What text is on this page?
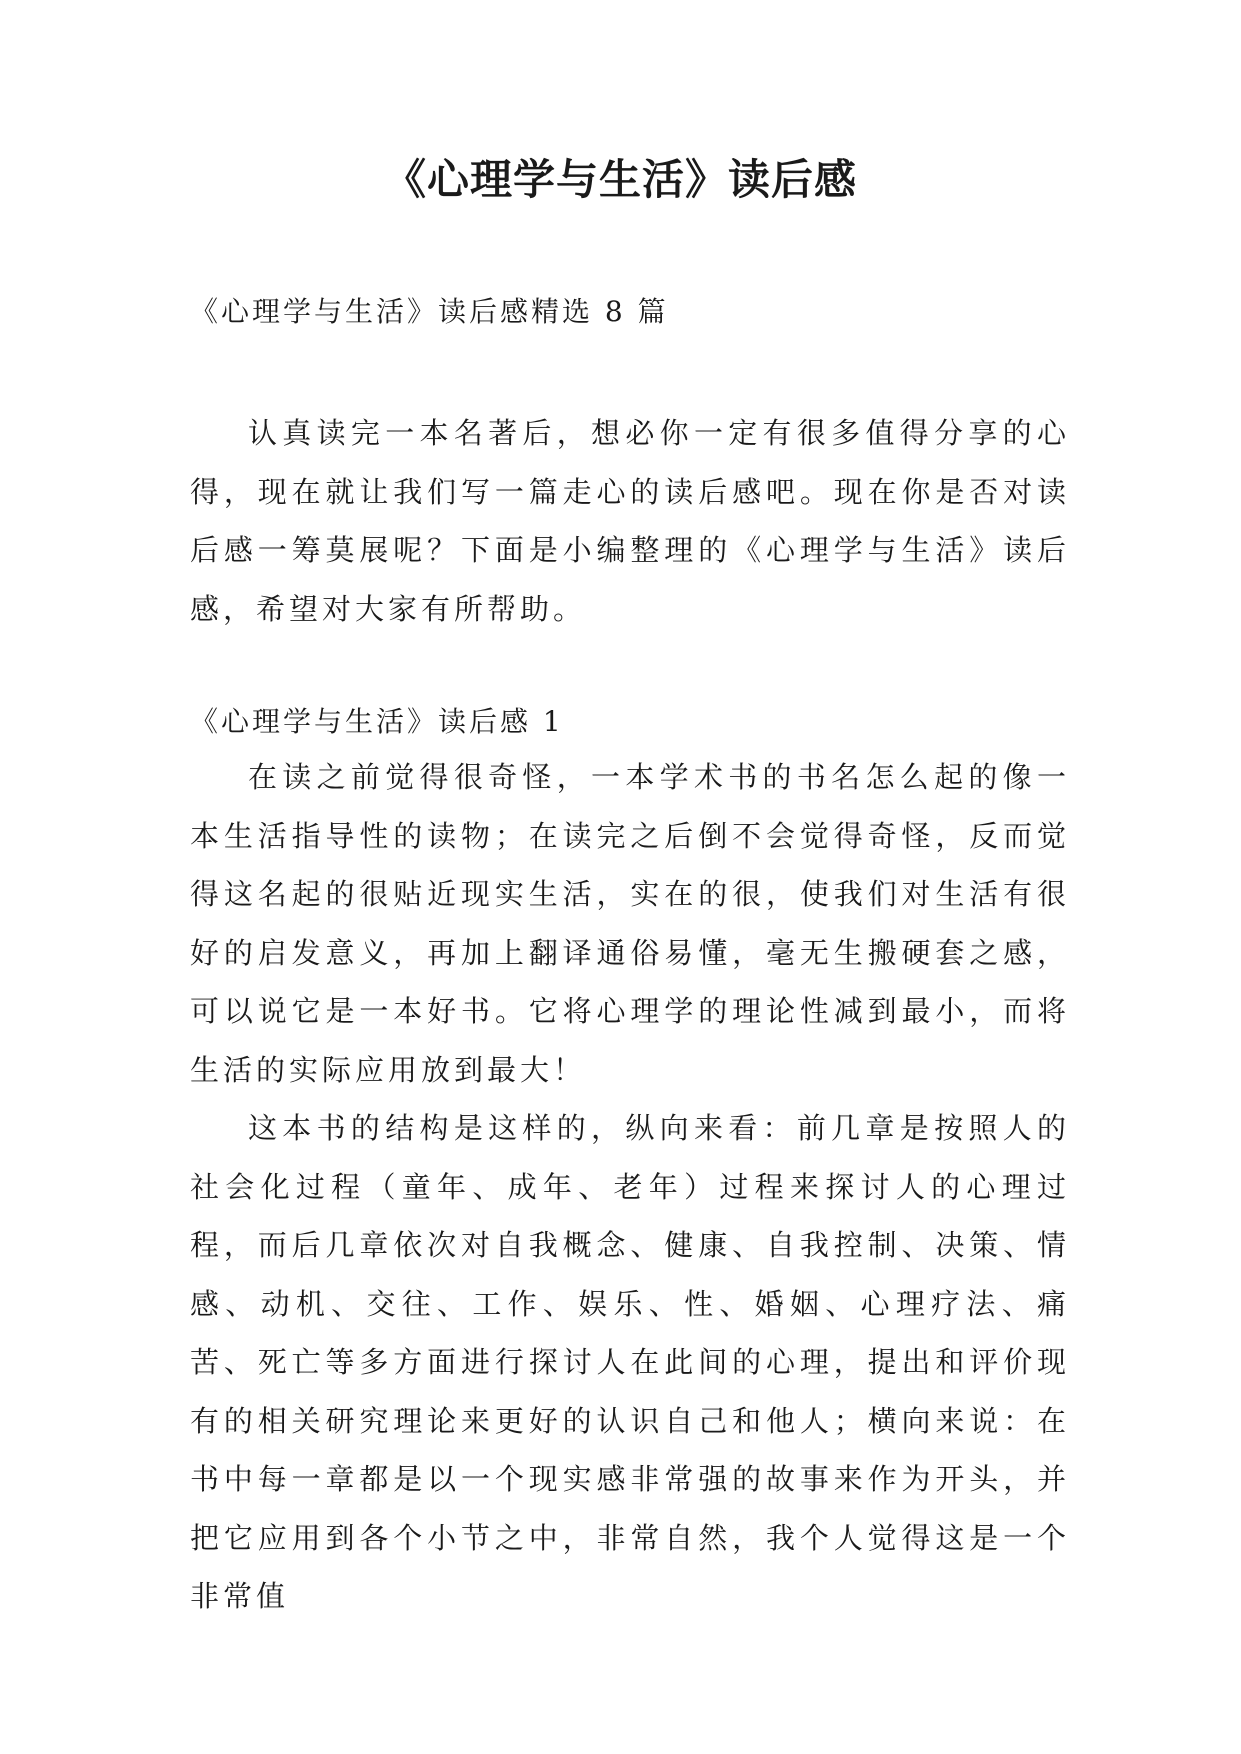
《心理学与生活》读后感
《心理学与生活》读后感精选 8 篇

认真读完一本名著后，想必你一定有很多值得分享的心得，现在就让我们写一篇走心的读后感吧。现在你是否对读后感一筹莫展呢？下面是小编整理的《心理学与生活》读后感，希望对大家有所帮助。

《心理学与生活》读后感 1

在读之前觉得很奇怪，一本学术书的书名怎么起的像一本生活指导性的读物；在读完之后倒不会觉得奇怪，反而觉得这名起的很贴近现实生活，实在的很，使我们对生活有很好的启发意义，再加上翻译通俗易懂，毫无生搬硬套之感，可以说它是一本好书。它将心理学的理论性减到最小，而将生活的实际应用放到最大！

这本书的结构是这样的，纵向来看：前几章是按照人的社会化过程（童年、成年、老年）过程来探讨人的心理过程，而后几章依次对自我概念、健康、自我控制、决策、情感、动机、交往、工作、娱乐、性、婚姻、心理疗法、痛苦、死亡等多方面进行探讨人在此间的心理，提出和评价现有的相关研究理论来更好的认识自己和他人；横向来说：在书中每一章都是以一个现实感非常强的故事来作为开头，并把它应用到各个小节之中，非常自然，我个人觉得这是一个非常值
